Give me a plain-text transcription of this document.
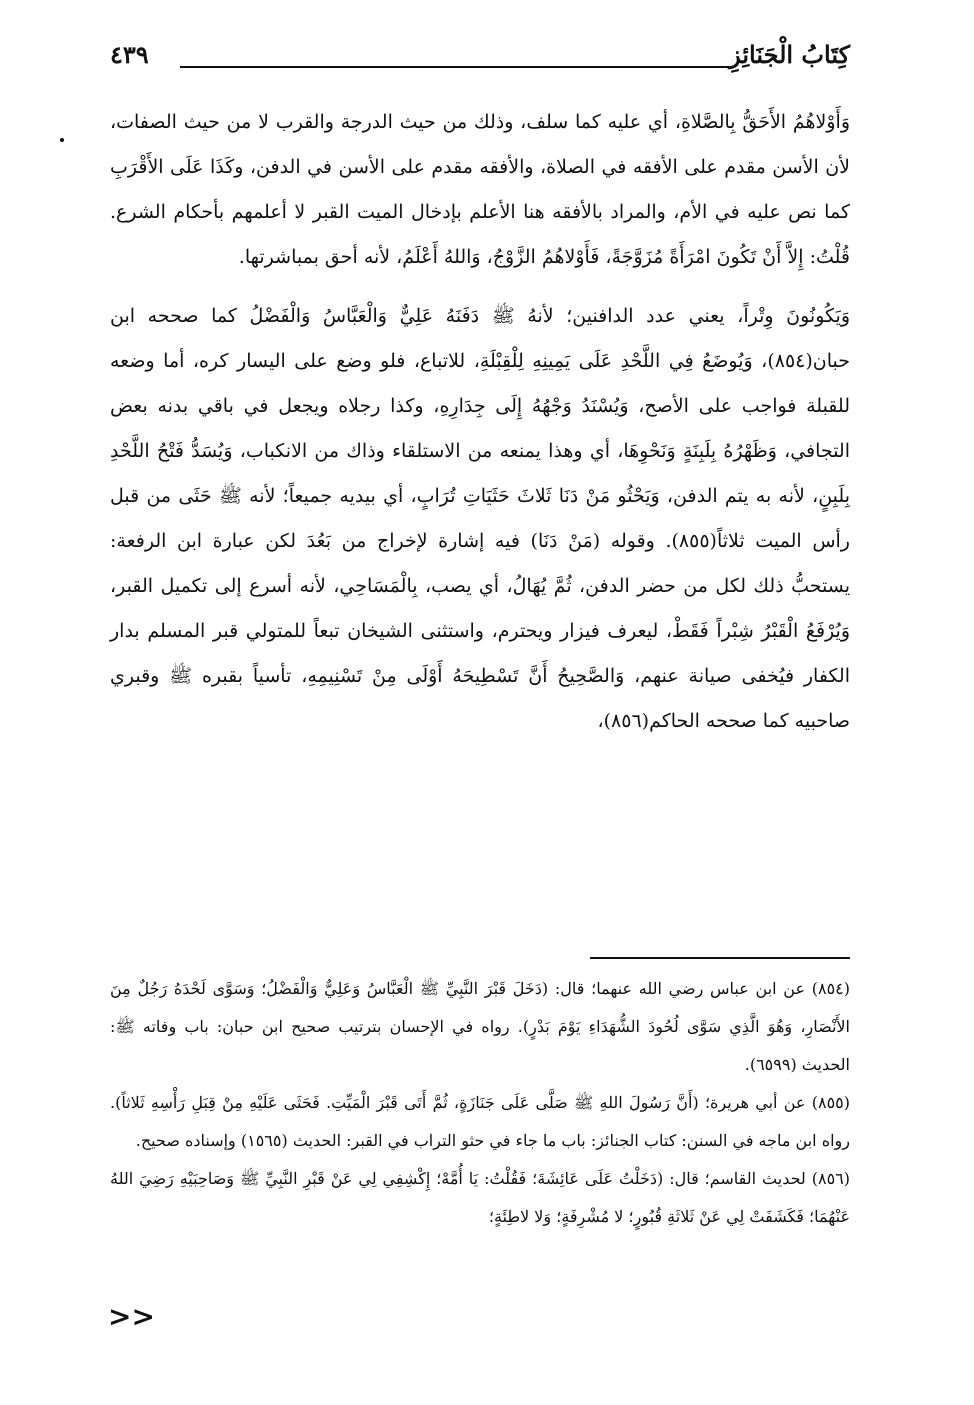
كِتَابُ الْجَنَائِزِ
٤٣٩

وَأَوْلاهُمُ الأَحَقُّ بِالصَّلاةِ، أي عليه كما سلف، وذلك من حيث الدرجة والقرب لا من حيث الصفات، لأن الأسن مقدم على الأفقه في الصلاة، والأفقه مقدم على الأسن في الدفن، وكَذَا عَلَى الأَقْرَبِ كما نص عليه في الأم، والمراد بالأفقه هنا الأعلم بإدخال الميت القبر لا أعلمهم بأحكام الشرع. قُلْتُ: إِلاَّ أَنْ تَكُونَ امْرَأَةً مُزَوَّجَةً، فَأَوْلاهُمُ الزَّوْجُ، وَاللهُ أَعْلَمُ، لأنه أحق بمباشرتها.

وَيَكُونُونَ وِتْراً، يعني عدد الدافنين؛ لأنهُ ﷺ دَفَنَهُ عَلِيٌّ وَالْعَبَّاسُ وَالْفَضْلُ كما صححه ابن حبان(٨٥٤)، وَيُوضَعُ فِي اللَّحْدِ عَلَى يَمِينِهِ لِلْقِبْلَةِ، للاتباع، فلو وضع على اليسار كره، أما وضعه للقبلة فواجب على الأصح، وَيُسْنَدُ وَجْهُهُ إِلَى جِدَارِهِ، وكذا رجلاه ويجعل في باقي بدنه بعض التجافي، وَظَهْرُهُ بِلَبِنَةٍ وَنَحْوِهَا، أي وهذا يمنعه من الاستلقاء وذاك من الانكباب، وَيُسَدُّ فَتْحُ اللَّحْدِ بِلَبِنٍ، لأنه به يتم الدفن، وَيَحْثُو مَنْ دَنَا ثَلاثَ حَثَيَاتِ تُرَابٍ، أي بيديه جميعاً؛ لأنه ﷺ حَثَى من قبل رأس الميت ثلاثاً(٨٥٥). وقوله (مَنْ دَنَا) فيه إشارة لإخراج من بَعُدَ لكن عبارة ابن الرفعة: يستحبُّ ذلك لكل من حضر الدفن، ثُمَّ يُهَالُ، أي يصب، بِالْمَسَاحِي، لأنه أسرع إلى تكميل القبر، وَيُرْفَعُ الْقَبْرُ شِبْراً فَقَطْ، ليعرف فيزار ويحترم، واستثنى الشيخان تبعاً للمتولي قبر المسلم بدار الكفار فيُخفى صيانة عنهم، وَالصَّحِيحُ أَنَّ تَسْطِيحَهُ أَوْلَى مِنْ تَسْنِيمِهِ، تأسياً بقبره ﷺ وقبري صاحبيه كما صححه الحاكم(٨٥٦)،

(٨٥٤) عن ابن عباس رضي الله عنهما؛ قال: (دَخَلَ قَبْرَ النَّبِيِّ ﷺ الْعَبَّاسُ وَعَلِيٌّ وَالْفَضْلُ؛ وَسَوَّى لَحْدَهُ رَجُلٌ مِنَ الأَنْصَارِ، وَهُوَ الَّذِي سَوَّى لُحُودَ الشُّهَدَاءِ يَوْمَ بَدْرٍ). رواه في الإحسان بترتيب صحيح ابن حبان: باب وفاته ﷺ: الحديث (٦٥٩٩).

(٨٥٥) عن أبي هريرة؛ (أَنَّ رَسُولَ اللهِ ﷺ صَلَّى عَلَى جَنَازَةٍ، ثُمَّ أَتَى قَبْرَ الْمَيِّتِ. فَحَثَى عَلَيْهِ مِنْ قِبَلِ رَأْسِهِ ثَلاثاً). رواه ابن ماجه في السنن: كتاب الجنائز: باب ما جاء في حثو التراب في القبر: الحديث (١٥٦٥) وإسناده صحيح.

(٨٥٦) لحديث القاسم؛ قال: (دَخَلْتُ عَلَى عَائِشَةَ؛ فَقُلْتُ: يَا أُمَّهْ؛ إِكْشِفِي لِي عَنْ قَبْرِ النَّبِيِّ ﷺ وَصَاحِبَيْهِ رَضِيَ اللهُ عَنْهُمَا؛ فَكَشَفَتْ لِي عَنْ ثَلاثَةِ قُبُورٍ؛ لا مُشْرِفَةٍ؛ وَلا لاطِئَةٍ؛

>>
